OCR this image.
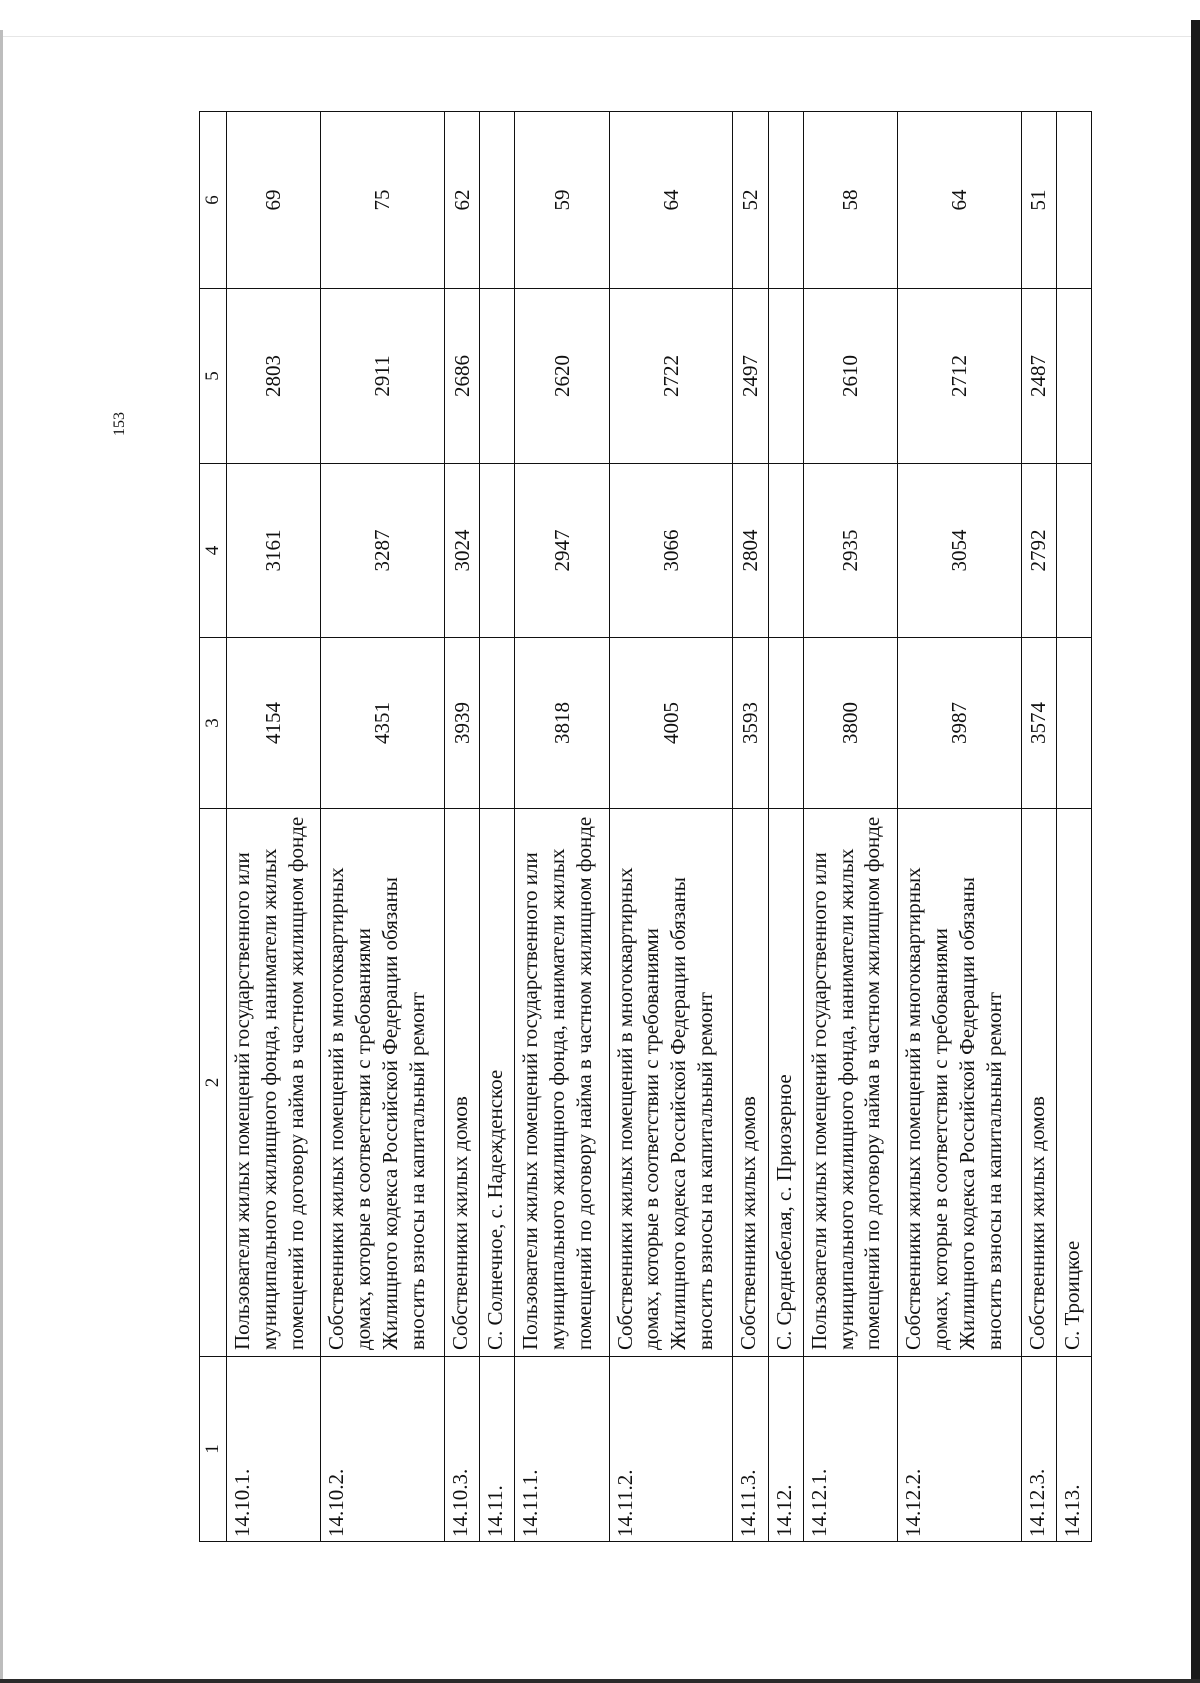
153
1	2	3	4	5	6
14.10.1.	Пользователи жилых помещений государственного или муниципального жилищного фонда, наниматели жилых помещений по договору найма в частном жилищном фонде	4154	3161	2803	69
14.10.2.	Собственники жилых помещений в многоквартирных домах, которые в соответствии с требованиями Жилищного кодекса Российской Федерации обязаны вносить взносы на капитальный ремонт	4351	3287	2911	75
14.10.3.	Собственники жилых домов	3939	3024	2686	62
14.11.	С. Солнечное, с. Надежденское				
14.11.1.	Пользователи жилых помещений государственного или муниципального жилищного фонда, наниматели жилых помещений по договору найма в частном жилищном фонде	3818	2947	2620	59
14.11.2.	Собственники жилых помещений в многоквартирных домах, которые в соответствии с требованиями Жилищного кодекса Российской Федерации обязаны вносить взносы на капитальный ремонт	4005	3066	2722	64
14.11.3.	Собственники жилых домов	3593	2804	2497	52
14.12.	С. Среднебелая, с. Приозерное				
14.12.1.	Пользователи жилых помещений государственного или муниципального жилищного фонда, наниматели жилых помещений по договору найма в частном жилищном фонде	3800	2935	2610	58
14.12.2.	Собственники жилых помещений в многоквартирных домах, которые в соответствии с требованиями Жилищного кодекса Российской Федерации обязаны вносить взносы на капитальный ремонт	3987	3054	2712	64
14.12.3.	Собственники жилых домов	3574	2792	2487	51
14.13.	С. Троицкое				
